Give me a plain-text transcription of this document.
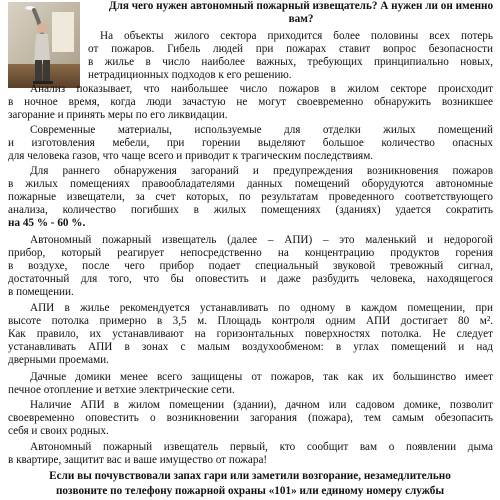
Для чего нужен автономный пожарный извещатель? А нужен ли он именно вам?
На объекты жилого сектора приходится более половины всех потерь
от пожаров. Гибель людей при пожарах ставит вопрос безопасности
в жилье в число наиболее важных, требующих принципиально новых,
нетрадиционных подходов к его решению.
Анализ показывает, что наибольшее число пожаров в жилом секторе происходит
в ночное время, когда люди зачастую не могут своевременно обнаружить возникшее
загорание и принять меры по его ликвидации.
Современные материалы, используемые для отделки жилых помещений
и изготовления мебели, при горении выделяют большое количество опасных
для человека газов, что чаще всего и приводит к трагическим последствиям.
Для раннего обнаружения загораний и предупреждения возникновения пожаров
в жилых помещениях правообладателями данных помещений оборудуются автономные
пожарные извещатели, за счет которых, по результатам проведенного соответствующего
анализа, количество погибших в жилых помещениях (зданиях) удается сократить
на 45 % - 60 %.
Автономный пожарный извещатель (далее – АПИ) – это маленький и недорогой
прибор, который реагирует непосредственно на концентрацию продуктов горения
в воздухе, после чего прибор подает специальный звуковой тревожный сигнал,
достаточный для того, что бы оповестить и даже разбудить человека, находящегося
в помещении.
АПИ в жилье рекомендуется устанавливать по одному в каждом помещении, при
высоте потолка примерно в 3,5 м. Площадь контроля одним АПИ достигает 80 м².
Как правило, их устанавливают на горизонтальных поверхностях потолка. Не следует
устанавливать АПИ в зонах с малым воздухообменом: в углах помещений и над
дверными проемами.
Дачные домики менее всего защищены от пожаров, так как их большинство имеет
печное отопление и ветхие электрические сети.
Наличие АПИ в жилом помещении (здании), дачном или садовом домике, позволит
своевременно оповестить о возникновении загорания (пожара), тем самым обезопасить
себя и своих родных.
Автономный пожарный извещатель первый, кто сообщит вам о появлении дыма
в квартире, защитит вас и ваше имущество от пожара!
Если вы почувствовали запах гари или заметили возгорание, незамедлительно
позвоните по телефону пожарной охраны «101» или единому номеру службы
